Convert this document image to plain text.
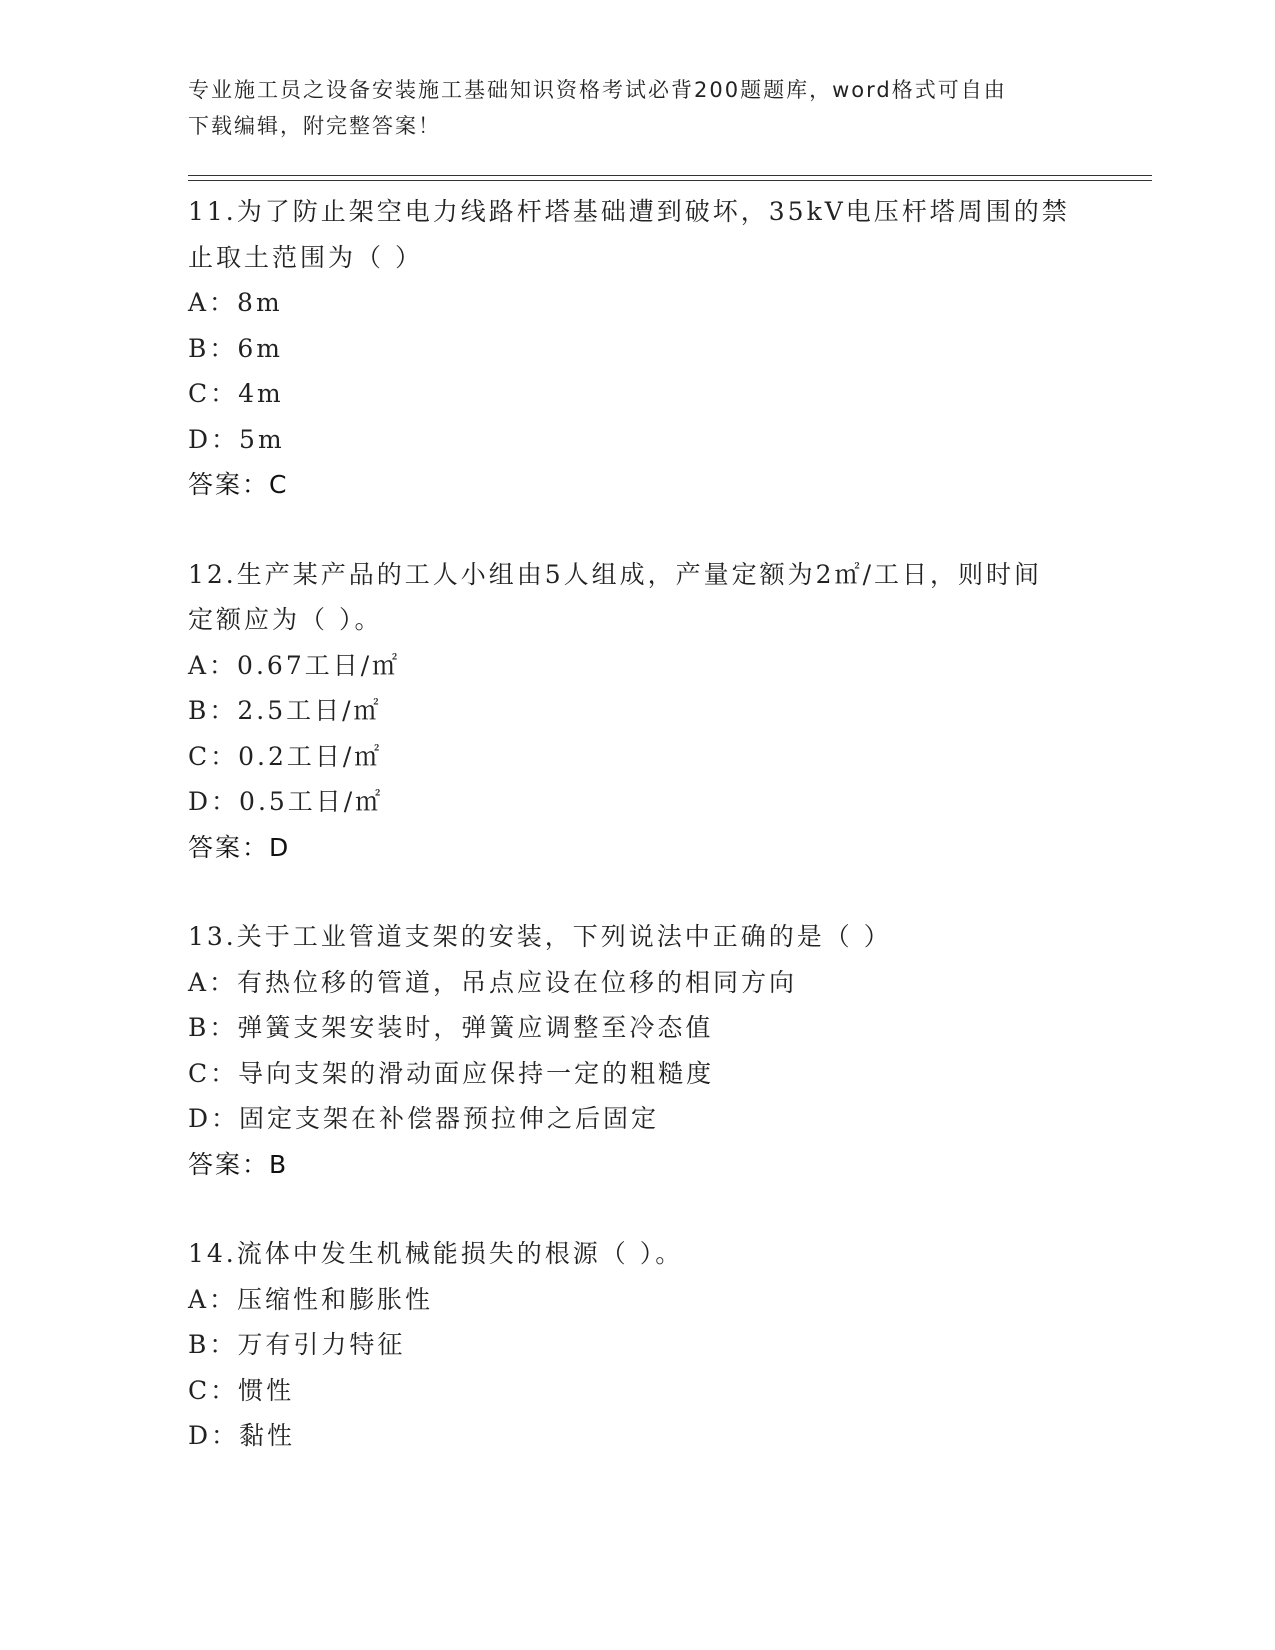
专业施工员之设备安装施工基础知识资格考试必背200题题库，word格式可自由
下载编辑，附完整答案！

11.为了防止架空电力线路杆塔基础遭到破坏，35kV电压杆塔周围的禁

止取土范围为（ ）

A：8m

B：6m

C：4m

D：5m

答案：C

12.生产某产品的工人小组由5人组成，产量定额为2㎡/工日，则时间

定额应为（ ）。

A：0.67工日/㎡

B：2.5工日/㎡

C：0.2工日/㎡

D：0.5工日/㎡

答案：D

13.关于工业管道支架的安装，下列说法中正确的是（ ）

A：有热位移的管道，吊点应设在位移的相同方向

B：弹簧支架安装时，弹簧应调整至冷态值

C：导向支架的滑动面应保持一定的粗糙度

D：固定支架在补偿器预拉伸之后固定

答案：B

14.流体中发生机械能损失的根源（ ）。

A：压缩性和膨胀性

B：万有引力特征

C：惯性

D：黏性
